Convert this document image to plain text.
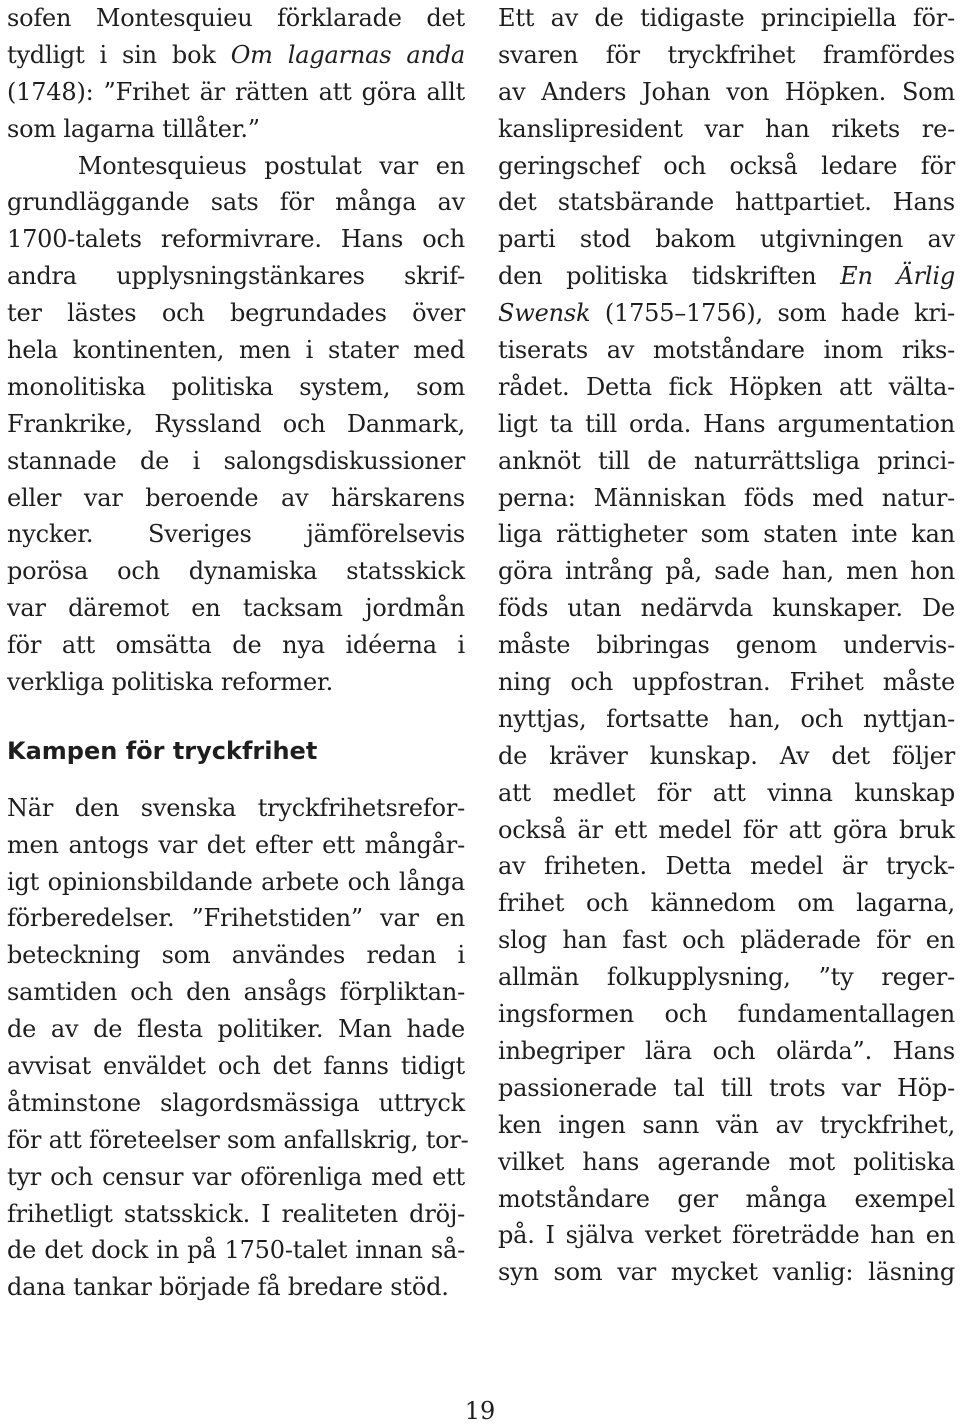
sofen Montesquieu förklarade det
tydligt i sin bok Om lagarnas anda
(1748): ”Frihet är rätten att göra allt
som lagarna tillåter.”
Montesquieus postulat var en
grundläggande sats för många av
1700-talets reformivrare. Hans och
andra upplysningstänkares skrif-
ter lästes och begrundades över
hela kontinenten, men i stater med
monolitiska politiska system, som
Frankrike, Ryssland och Danmark,
stannade de i salongsdiskussioner
eller var beroende av härskarens
nycker. Sveriges jämförelsevis
porösa och dynamiska statsskick
var däremot en tacksam jordmån
för att omsätta de nya idéerna i
verkliga politiska reformer.
Kampen för tryckfrihet
När den svenska tryckfrihetsrefor-
men antogs var det efter ett mångår-
igt opinionsbildande arbete och långa
förberedelser. ”Frihetstiden” var en
beteckning som användes redan i
samtiden och den ansågs förpliktan-
de av de flesta politiker. Man hade
avvisat enväldet och det fanns tidigt
åtminstone slagordsmässiga uttryck
för att företeelser som anfallskrig, tor-
tyr och censur var oförenliga med ett
frihetligt statsskick. I realiteten dröj-
de det dock in på 1750-talet innan så-
dana tankar började få bredare stöd.
Ett av de tidigaste principiella för-
svaren för tryckfrihet framfördes
av Anders Johan von Höpken. Som
kanslipresident var han rikets re-
geringschef och också ledare för
det statsbärande hattpartiet. Hans
parti stod bakom utgivningen av
den politiska tidskriften En Ärlig
Swensk (1755–1756), som hade kri-
tiserats av motståndare inom riks-
rådet. Detta fick Höpken att välta-
ligt ta till orda. Hans argumentation
anknöt till de naturrättsliga princi-
perna: Människan föds med natur-
liga rättigheter som staten inte kan
göra intrång på, sade han, men hon
föds utan nedärvda kunskaper. De
måste bibringas genom undervis-
ning och uppfostran. Frihet måste
nyttjas, fortsatte han, och nyttjan-
de kräver kunskap. Av det följer
att medlet för att vinna kunskap
också är ett medel för att göra bruk
av friheten. Detta medel är tryck-
frihet och kännedom om lagarna,
slog han fast och pläderade för en
allmän folkupplysning, ”ty reger-
ingsformen och fundamentallagen
inbegriper lära och olärda”. Hans
passionerade tal till trots var Höp-
ken ingen sann vän av tryckfrihet,
vilket hans agerande mot politiska
motståndare ger många exempel
på. I själva verket företrädde han en
syn som var mycket vanlig: läsning
19
